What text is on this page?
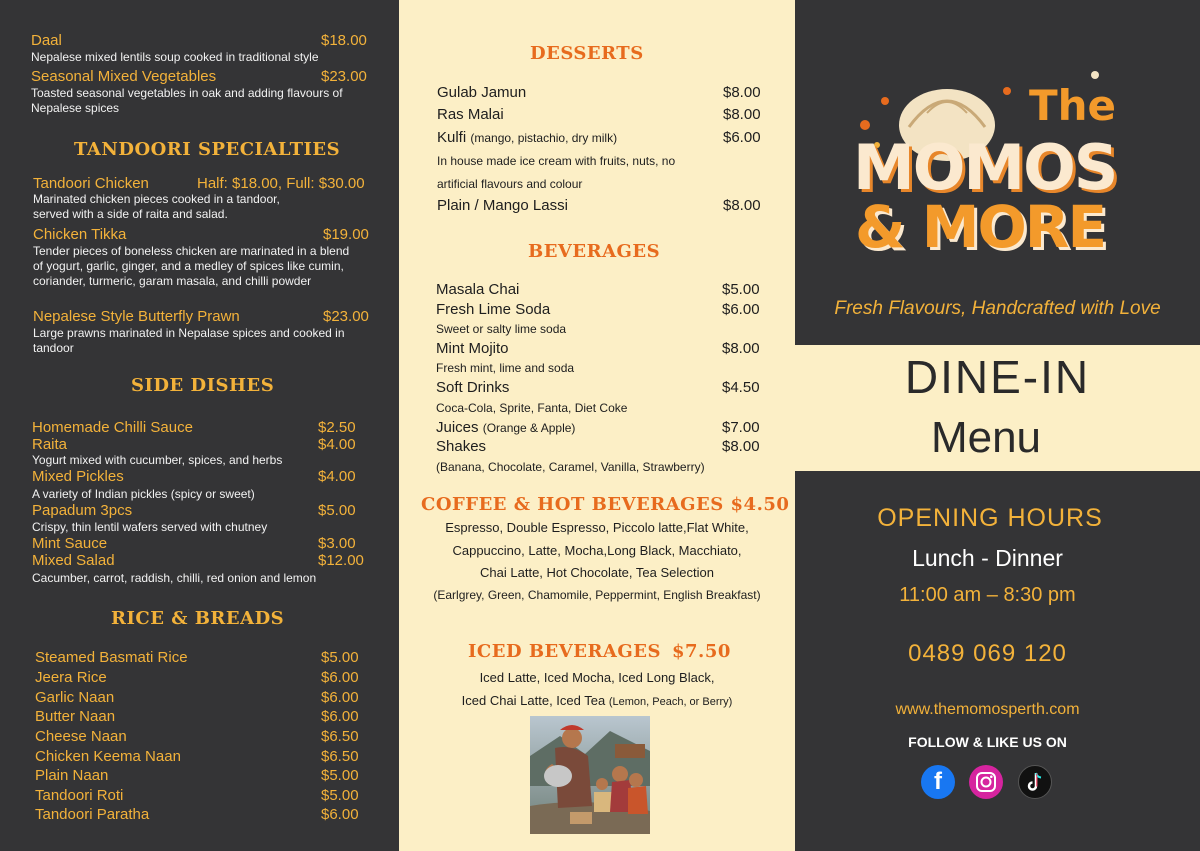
Daal	$18.00
Nepalese mixed lentils soup cooked in traditional style
Seasonal Mixed Vegetables	$23.00
Toasted seasonal vegetables in oak and adding flavours of Nepalese spices
TANDOORI SPECIALTIES
Tandoori Chicken	Half: $18.00, Full: $30.00
Marinated chicken pieces cooked in a tandoor, served with a side of raita and salad.
Chicken Tikka	$19.00
Tender pieces of boneless chicken are marinated in a blend of yogurt, garlic, ginger, and a medley of spices like cumin, coriander, turmeric, garam masala, and chilli powder
Nepalese Style Butterfly Prawn	$23.00
Large prawns marinated in Nepalase spices and cooked in tandoor
SIDE DISHES
Homemade Chilli Sauce	$2.50
Raita	$4.00
Yogurt mixed with cucumber, spices, and herbs
Mixed Pickles	$4.00
A variety of Indian pickles (spicy or sweet)
Papadum 3pcs	$5.00
Crispy, thin lentil wafers served with chutney
Mint Sauce	$3.00
Mixed Salad	$12.00
Cacumber, carrot, raddish, chilli, red onion and lemon
RICE & BREADS
Steamed Basmati Rice	$5.00
Jeera Rice	$6.00
Garlic Naan	$6.00
Butter Naan	$6.00
Cheese Naan	$6.50
Chicken Keema Naan	$6.50
Plain Naan	$5.00
Tandoori Roti	$5.00
Tandoori Paratha	$6.00
DESSERTS
Gulab Jamun	$8.00
Ras Malai	$8.00
Kulfi (mango, pistachio, dry milk)	$6.00
In house made ice cream with fruits, nuts, no
artificial flavours and colour
Plain / Mango Lassi	$8.00
BEVERAGES
Masala Chai	$5.00
Fresh Lime Soda	$6.00
Sweet or salty lime soda
Mint Mojito	$8.00
Fresh mint, lime and soda
Soft Drinks	$4.50
Coca-Cola, Sprite, Fanta, Diet Coke
Juices (Orange & Apple)	$7.00
Shakes	$8.00
(Banana, Chocolate, Caramel, Vanilla, Strawberry)
COFFEE & HOT BEVERAGES $4.50
Espresso, Double Espresso, Piccolo latte,Flat White,
Cappuccino, Latte, Mocha,Long Black, Macchiato,
Chai Latte, Hot Chocolate, Tea Selection
(Earlgrey, Green, Chamomile, Peppermint, English Breakfast)
ICED BEVERAGES $7.50
Iced Latte, Iced Mocha, Iced Long Black,
Iced Chai Latte, Iced Tea (Lemon, Peach, or Berry)
The
MOMOS
& MORE
Fresh Flavours, Handcrafted with Love
DINE-IN
Menu
OPENING HOURS
Lunch - Dinner
11:00 am – 8:30 pm
0489 069 120
www.themomosperth.com
FOLLOW & LIKE US ON
f
